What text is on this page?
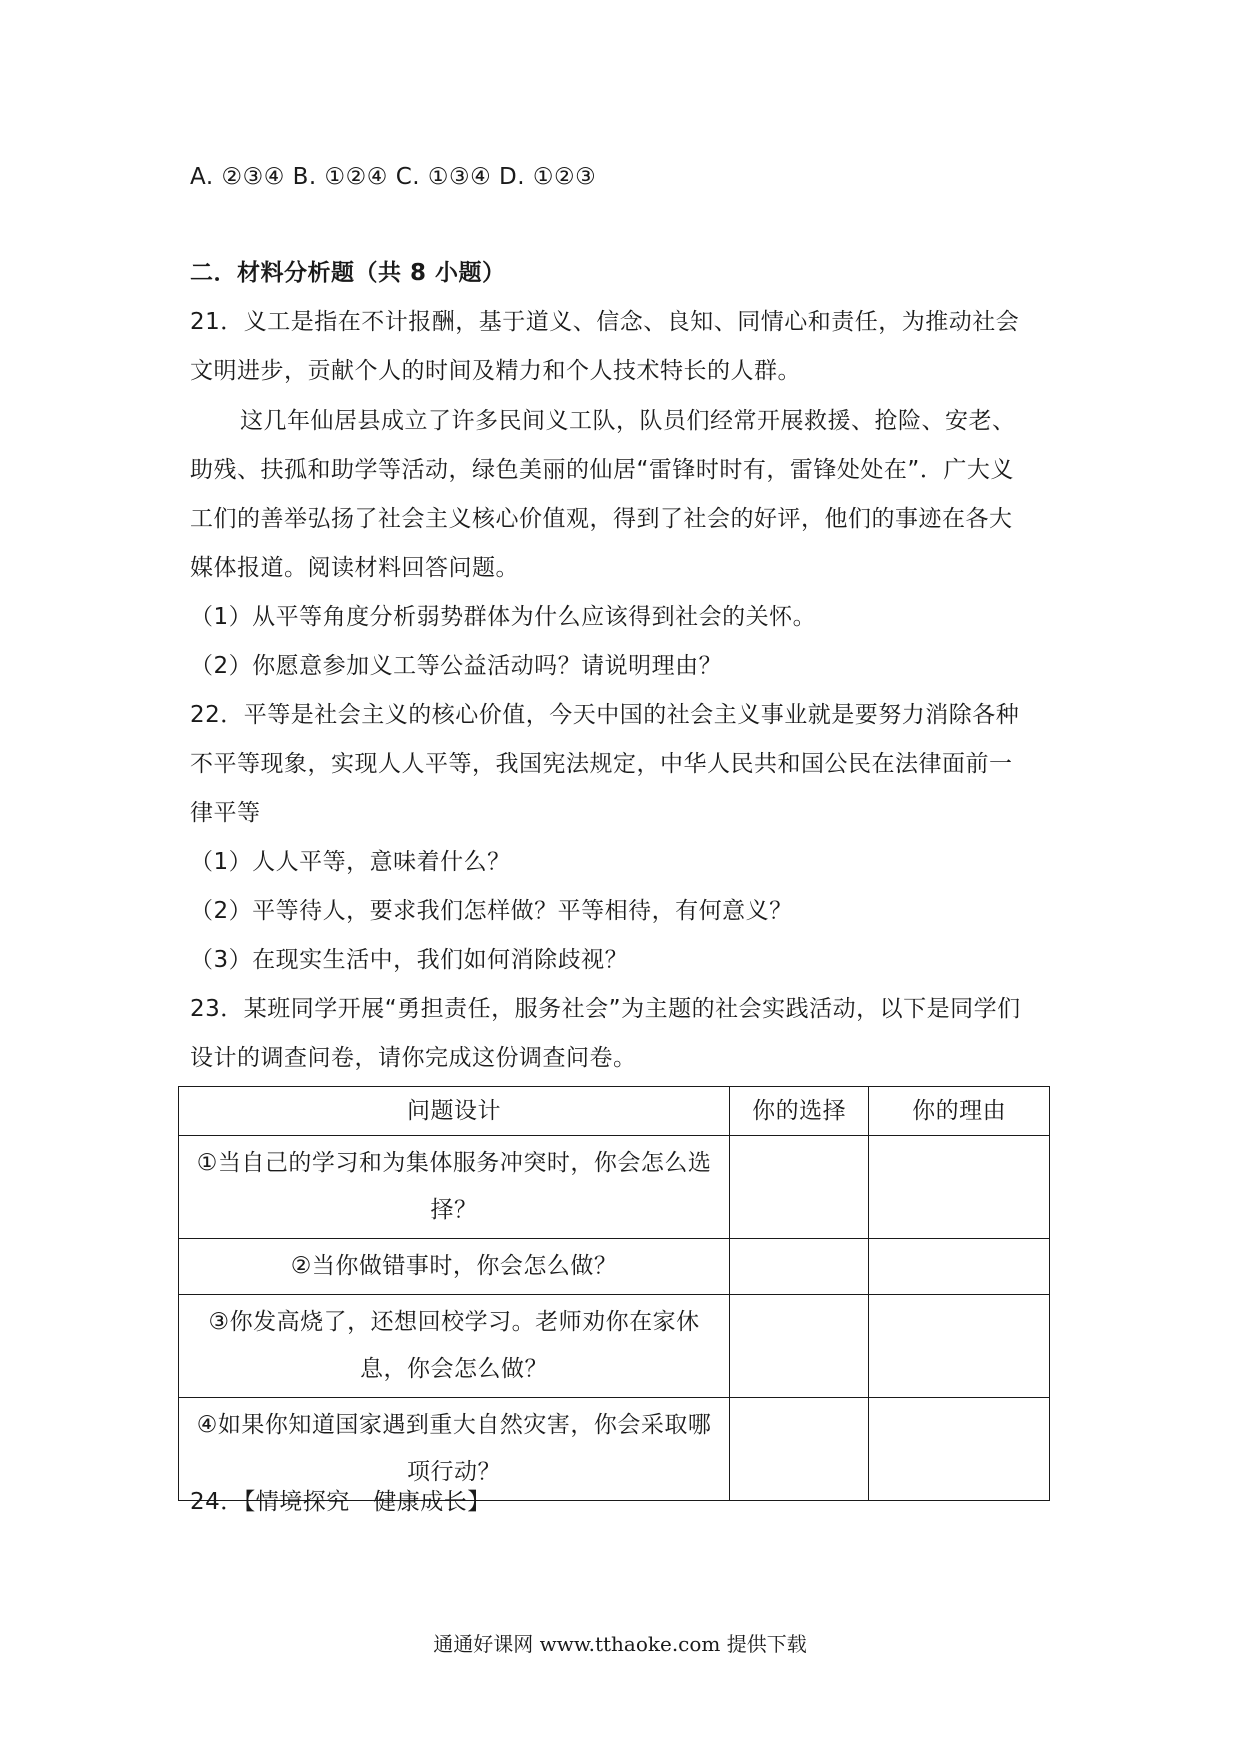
A. ②③④ B. ①②④ C. ①③④ D. ①②③
二．材料分析题（共 8 小题）
21．义工是指在不计报酬，基于道义、信念、良知、同情心和责任，为推动社会
文明进步，贡献个人的时间及精力和个人技术特长的人群。
这几年仙居县成立了许多民间义工队，队员们经常开展救援、抢险、安老、
助残、扶孤和助学等活动，绿色美丽的仙居“雷锋时时有，雷锋处处在”．广大义
工们的善举弘扬了社会主义核心价值观，得到了社会的好评，他们的事迹在各大
媒体报道。阅读材料回答问题。
（1）从平等角度分析弱势群体为什么应该得到社会的关怀。
（2）你愿意参加义工等公益活动吗？请说明理由？
22．平等是社会主义的核心价值，今天中国的社会主义事业就是要努力消除各种
不平等现象，实现人人平等，我国宪法规定，中华人民共和国公民在法律面前一
律平等
（1）人人平等，意味着什么？
（2）平等待人，要求我们怎样做？平等相待，有何意义？
（3）在现实生活中，我们如何消除歧视？
23．某班同学开展“勇担责任，服务社会”为主题的社会实践活动，以下是同学们
设计的调查问卷，请你完成这份调查问卷。
问题设计	你的选择	你的理由
①当自己的学习和为集体服务冲突时，你会怎么选择？		
②当你做错事时，你会怎么做？		
③你发高烧了，还想回校学习。老师劝你在家休息，你会怎么做？		
④如果你知道国家遇到重大自然灾害，你会采取哪项行动？		
24．【情境探究　健康成长】
通通好课网 www.tthaoke.com 提供下载
